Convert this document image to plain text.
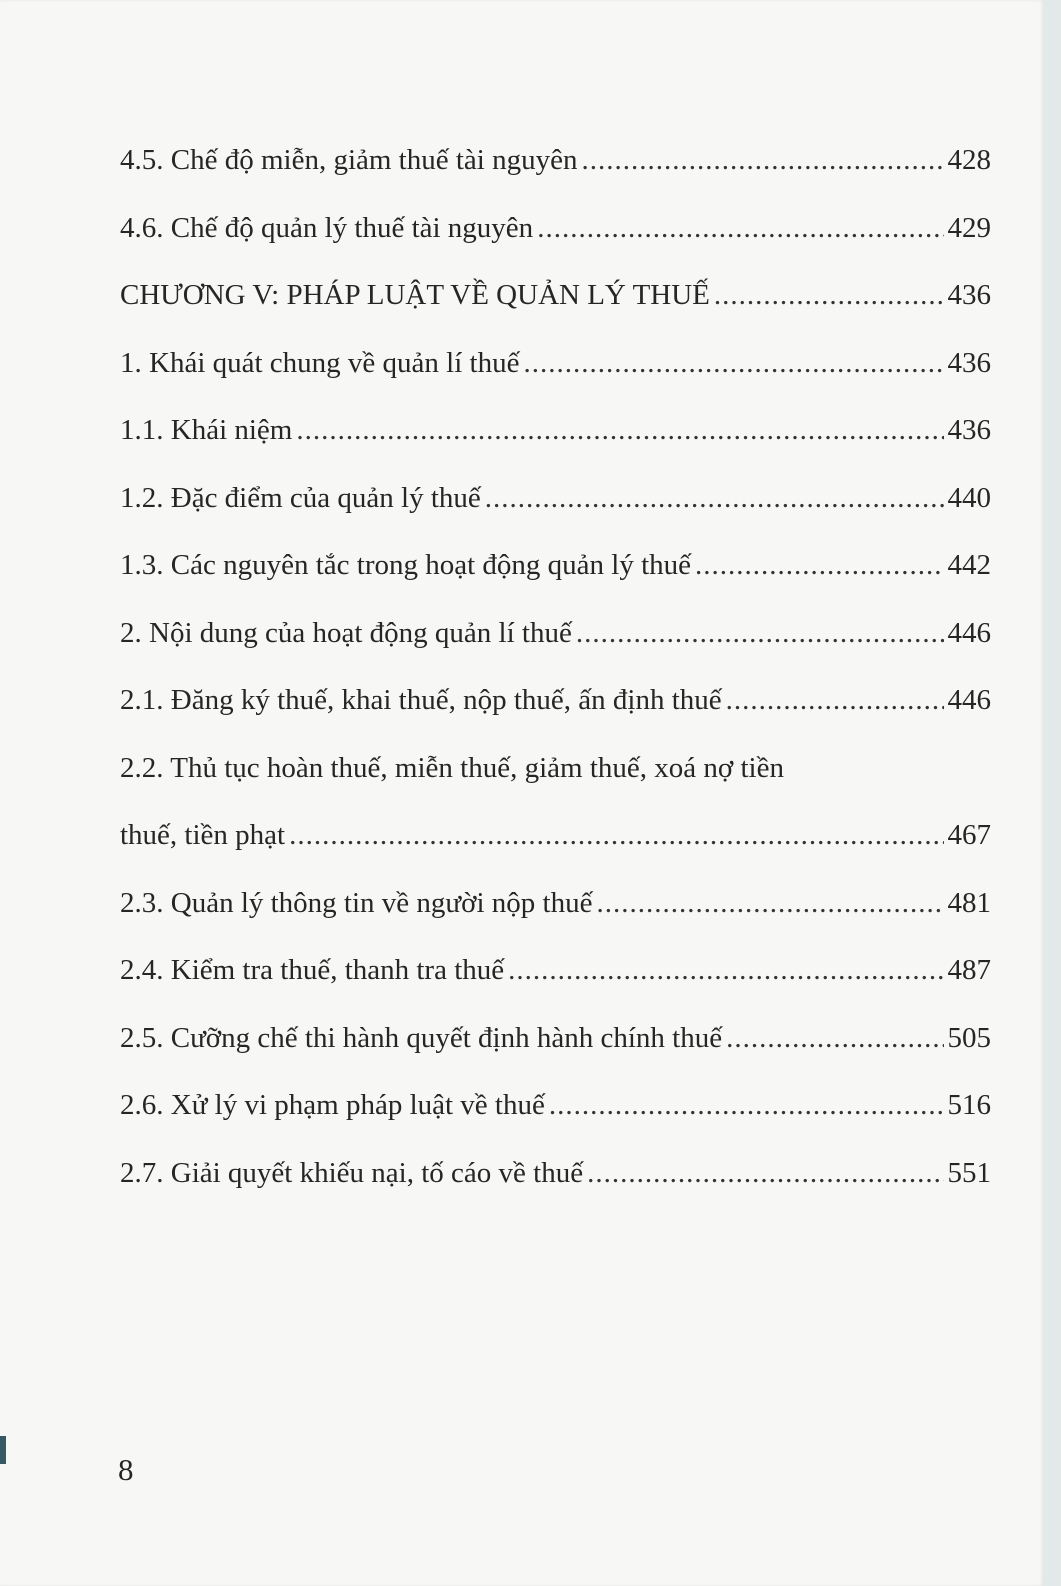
4.5. Chế độ miễn, giảm thuế tài nguyên .....	428
4.6. Chế độ quản lý thuế tài nguyên .....	429
CHƯƠNG V: PHÁP LUẬT VỀ QUẢN LÝ THUẾ .....	436
1. Khái quát chung về quản lí thuế .....	436
1.1. Khái niệm .....	436
1.2. Đặc điểm của quản lý thuế .....	440
1.3. Các nguyên tắc trong hoạt động quản lý thuế .....	442
2. Nội dung của hoạt động quản lí thuế .....	446
2.1. Đăng ký thuế, khai thuế, nộp thuế, ấn định thuế .....	446
2.2. Thủ tục hoàn thuế, miễn thuế, giảm thuế, xoá nợ tiền
thuế, tiền phạt .....	467
2.3. Quản lý thông tin về người nộp thuế .....	481
2.4. Kiểm tra thuế, thanh tra thuế .....	487
2.5. Cưỡng chế thi hành quyết định hành chính thuế .....	505
2.6. Xử lý vi phạm pháp luật về thuế .....	516
2.7. Giải quyết khiếu nại, tố cáo về thuế .....	551
8
